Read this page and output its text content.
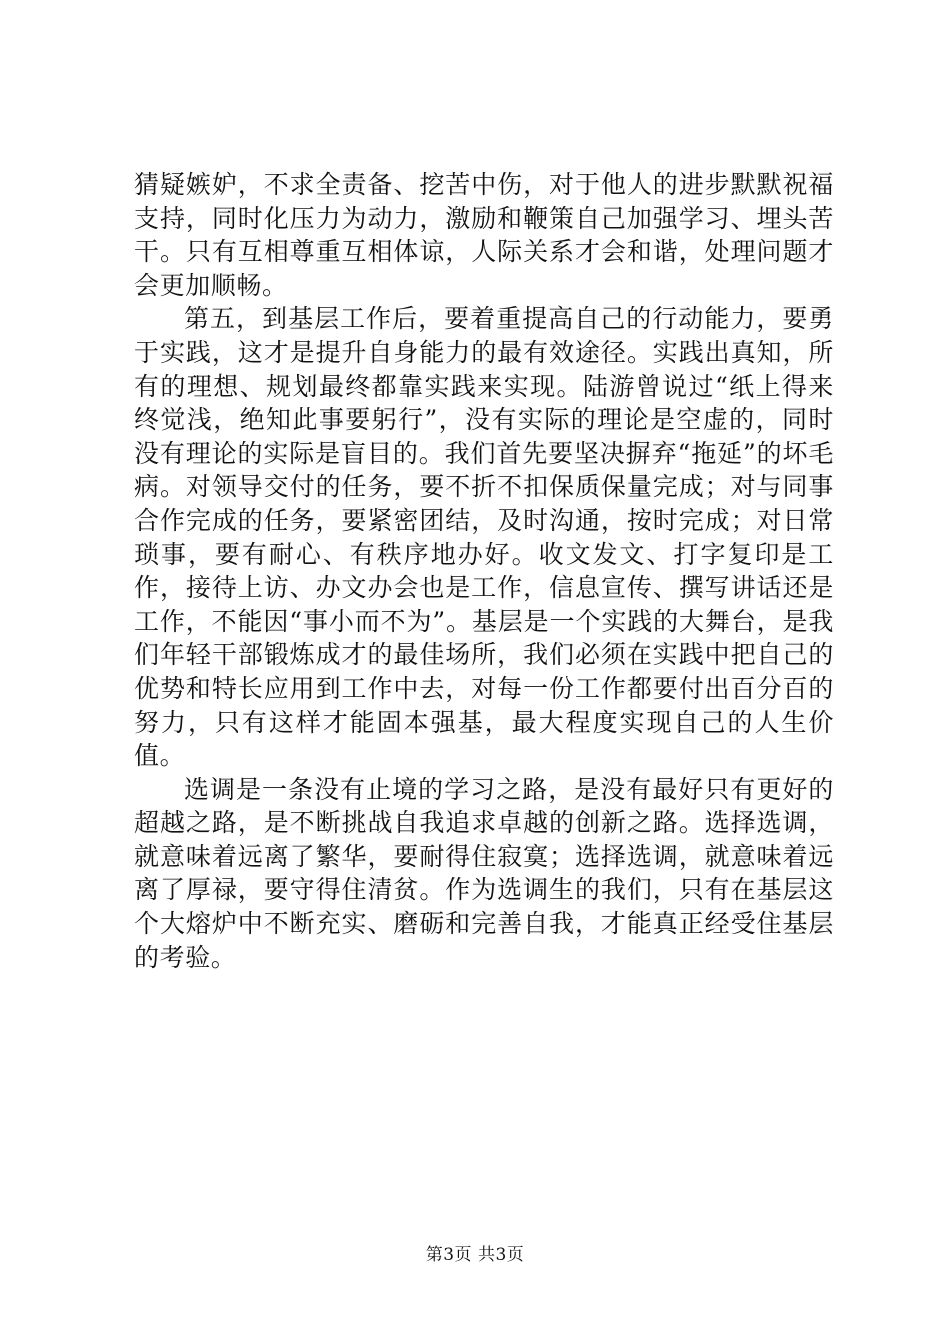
猜疑嫉妒，不求全责备、挖苦中伤，对于他人的进步默默祝福支持，同时化压力为动力，激励和鞭策自己加强学习、埋头苦干。只有互相尊重互相体谅，人际关系才会和谐，处理问题才会更加顺畅。

第五，到基层工作后，要着重提高自己的行动能力，要勇于实践，这才是提升自身能力的最有效途径。实践出真知，所有的理想、规划最终都靠实践来实现。陆游曾说过“纸上得来终觉浅，绝知此事要躬行”，没有实际的理论是空虚的，同时没有理论的实际是盲目的。我们首先要坚决摒弃“拖延”的坏毛病。对领导交付的任务，要不折不扣保质保量完成；对与同事合作完成的任务，要紧密团结，及时沟通，按时完成；对日常琐事，要有耐心、有秩序地办好。收文发文、打字复印是工作，接待上访、办文办会也是工作，信息宣传、撰写讲话还是工作，不能因“事小而不为”。基层是一个实践的大舞台，是我们年轻干部锻炼成才的最佳场所，我们必须在实践中把自己的优势和特长应用到工作中去，对每一份工作都要付出百分百的努力，只有这样才能固本强基，最大程度实现自己的人生价值。

选调是一条没有止境的学习之路，是没有最好只有更好的超越之路，是不断挑战自我追求卓越的创新之路。选择选调，就意味着远离了繁华，要耐得住寂寞；选择选调，就意味着远离了厚禄，要守得住清贫。作为选调生的我们，只有在基层这个大熔炉中不断充实、磨砺和完善自我，才能真正经受住基层的考验。

第3页 共3页
